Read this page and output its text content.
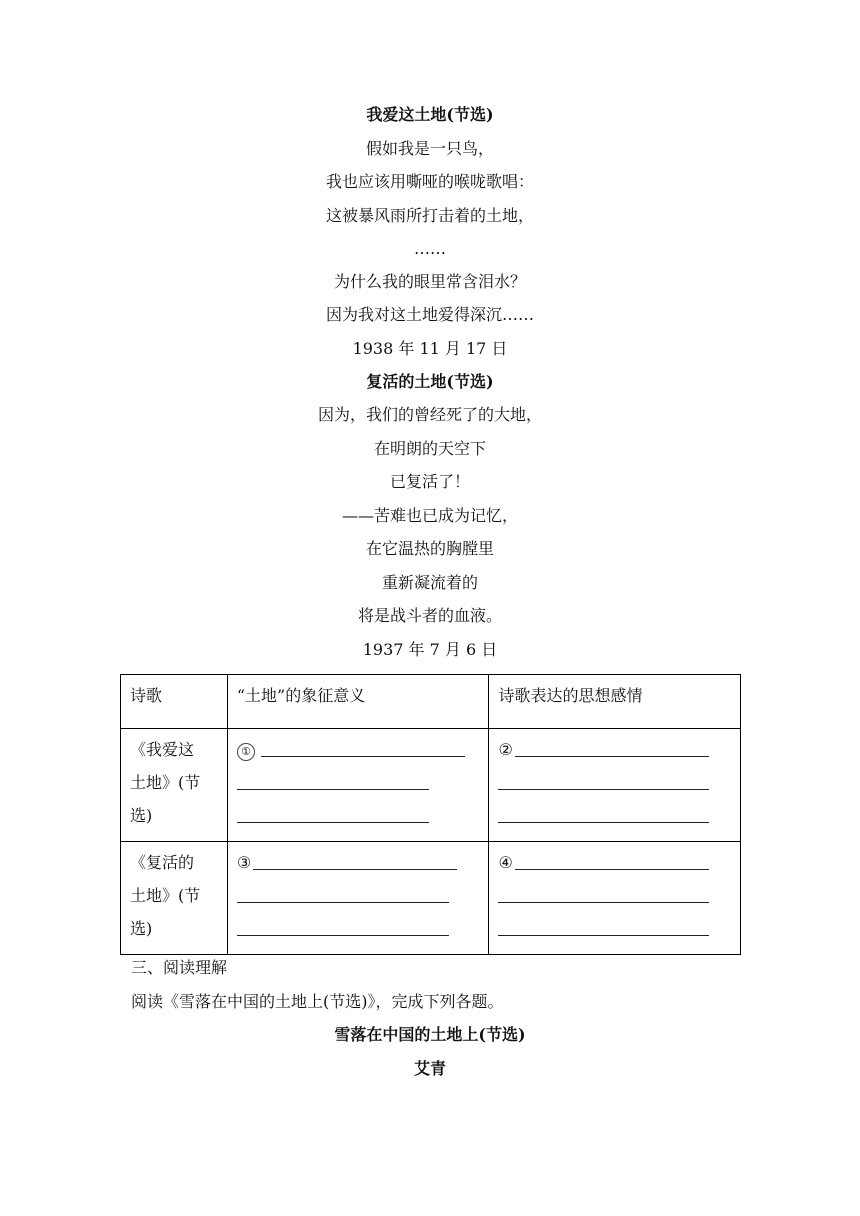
我爱这土地(节选)
假如我是一只鸟，
我也应该用嘶哑的喉咙歌唱：
这被暴风雨所打击着的土地，
……
为什么我的眼里常含泪水？
因为我对这土地爱得深沉……
1938 年 11 月 17 日
复活的土地(节选)
因为，我们的曾经死了的大地，
在明朗的天空下
已复活了！
——苦难也已成为记忆，
在它温热的胸膛里
重新凝流着的
将是战斗者的血液。
1937 年 7 月 6 日
诗歌	“土地”的象征意义	诗歌表达的思想感情

《我爱这
土地》(节
选)	①	②

《复活的
土地》(节
选)	③	④
三、阅读理解
阅读《雪落在中国的土地上(节选)》，完成下列各题。
雪落在中国的土地上(节选)
艾青
